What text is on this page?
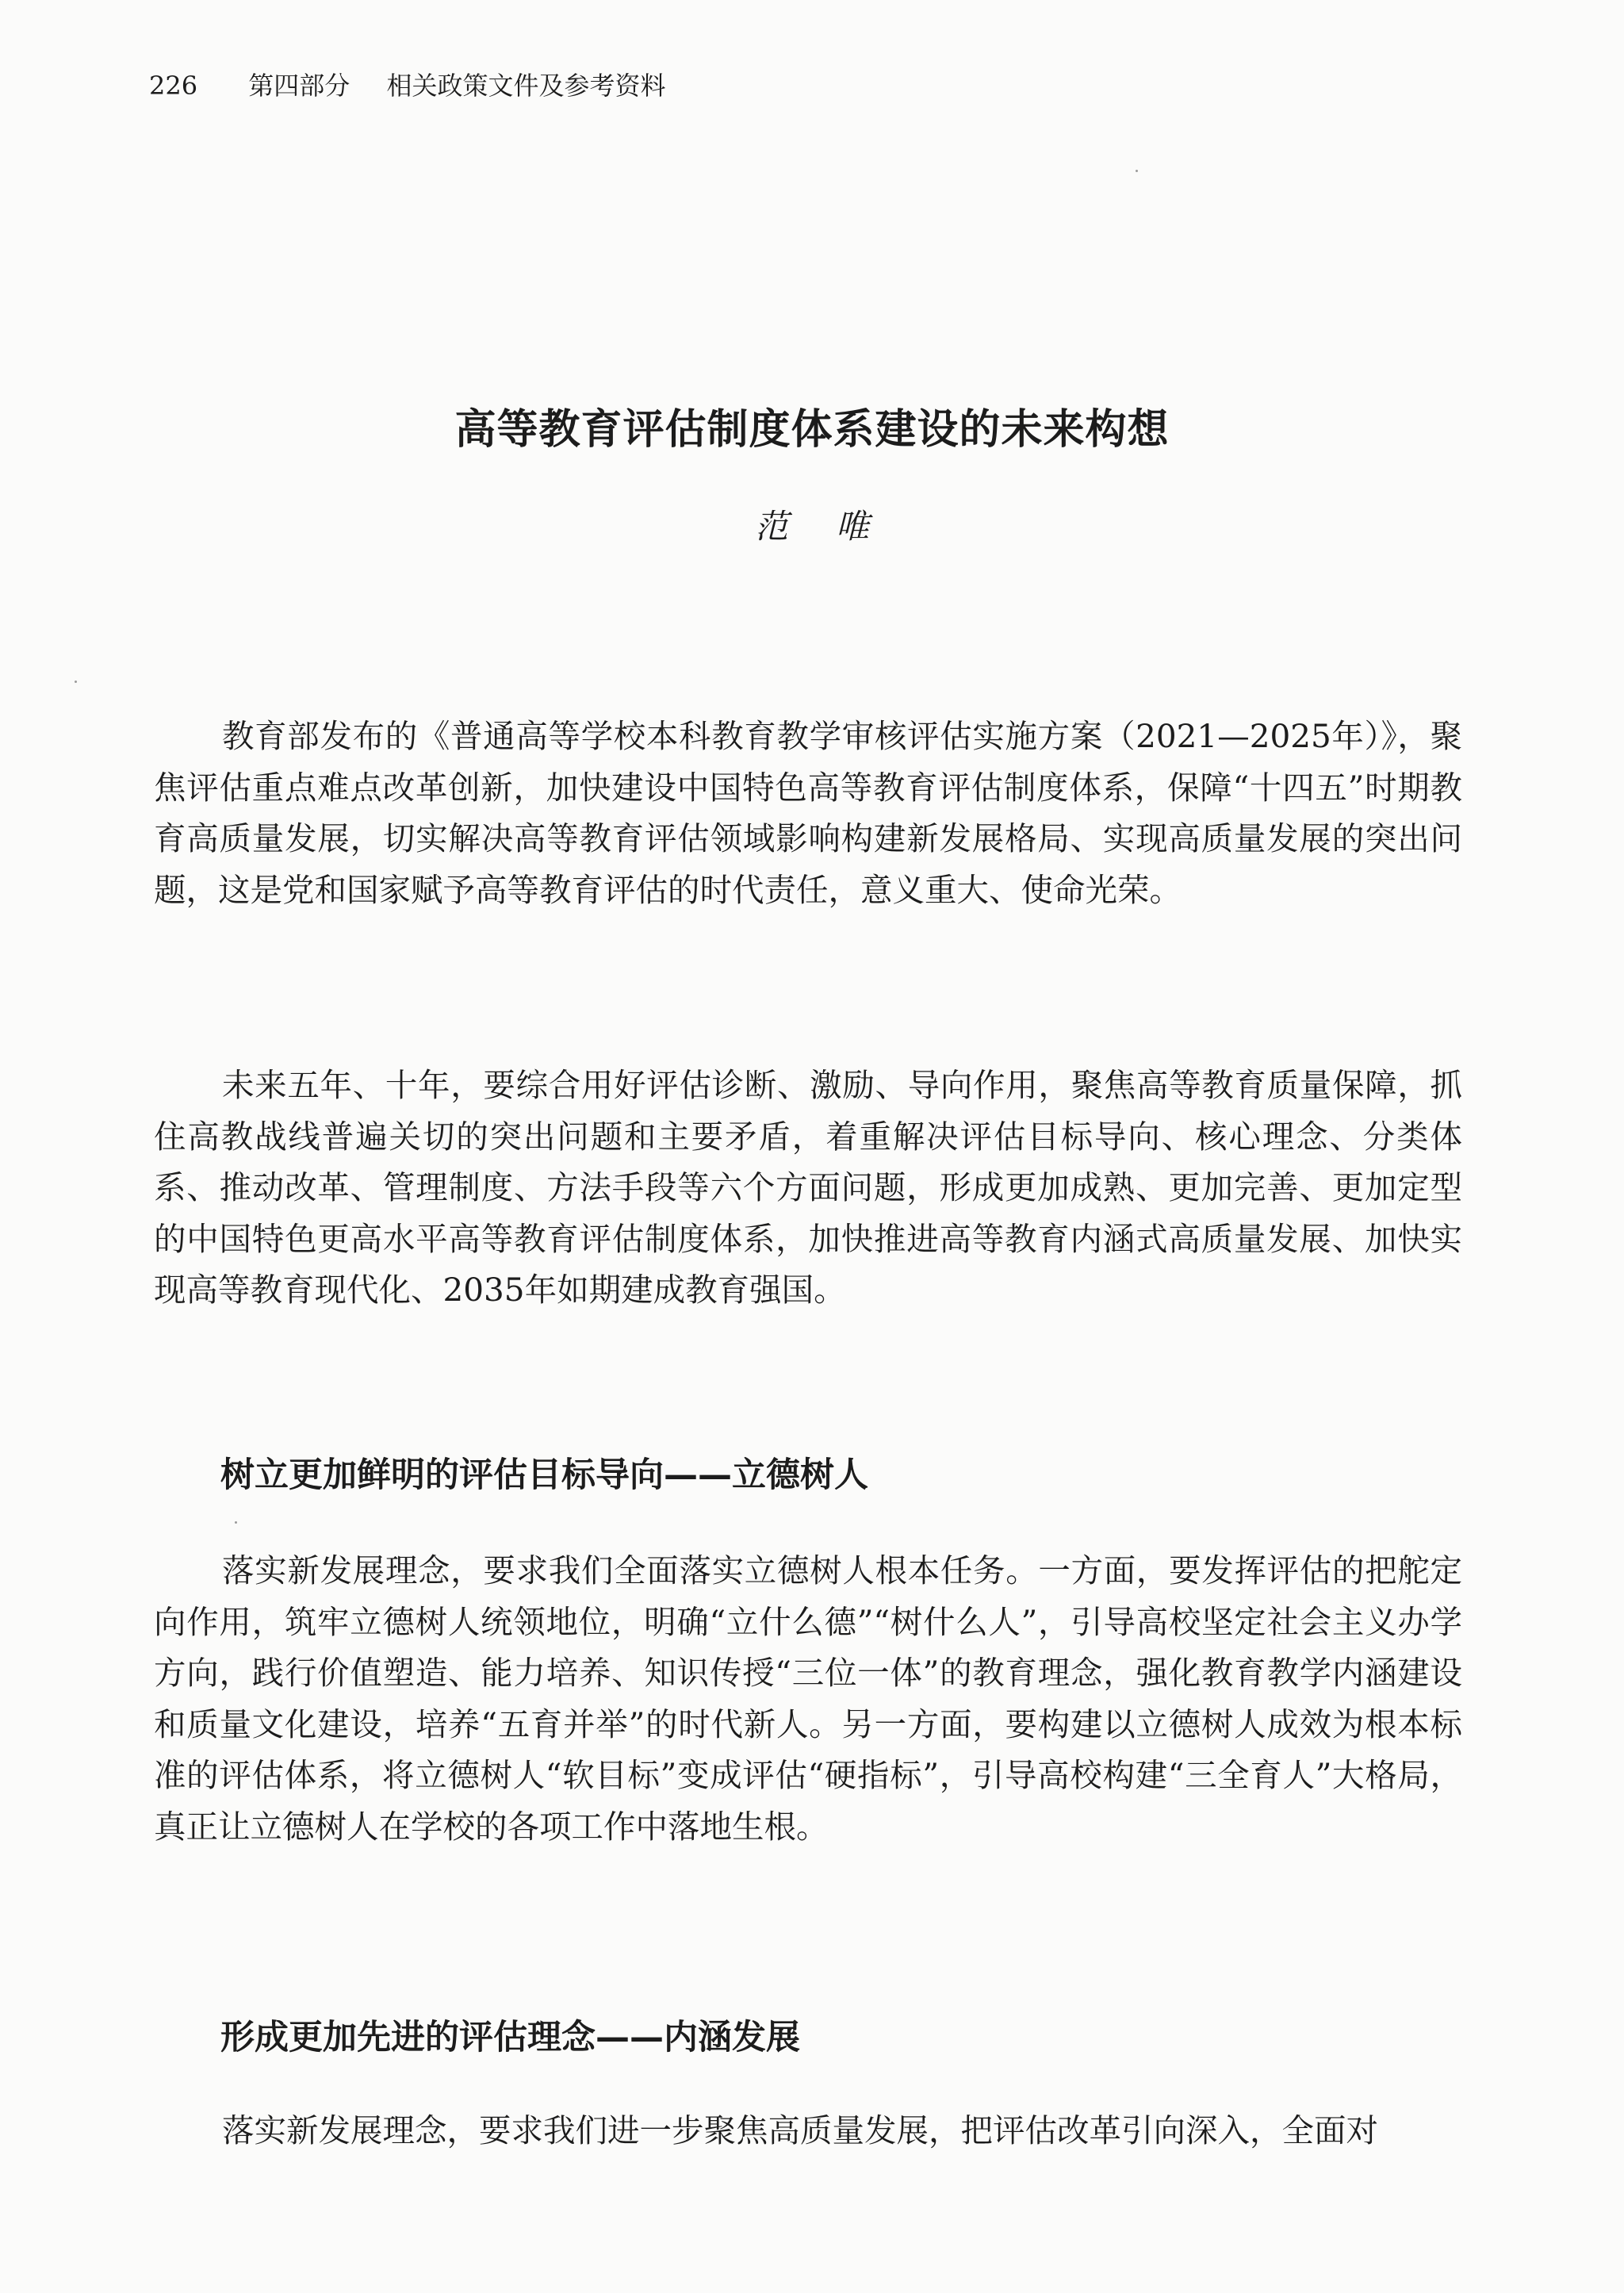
226 第四部分 相关政策文件及参考资料
高等教育评估制度体系建设的未来构想
范唯

教育部发布的《普通高等学校本科教育教学审核评估实施方案（2021—2025年）》，聚焦评估重点难点改革创新，加快建设中国特色高等教育评估制度体系，保障“十四五”时期教育高质量发展，切实解决高等教育评估领域影响构建新发展格局、实现高质量发展的突出问题，这是党和国家赋予高等教育评估的时代责任，意义重大、使命光荣。

未来五年、十年，要综合用好评估诊断、激励、导向作用，聚焦高等教育质量保障，抓住高教战线普遍关切的突出问题和主要矛盾，着重解决评估目标导向、核心理念、分类体系、推动改革、管理制度、方法手段等六个方面问题，形成更加成熟、更加完善、更加定型的中国特色更高水平高等教育评估制度体系，加快推进高等教育内涵式高质量发展、加快实现高等教育现代化、2035年如期建成教育强国。

树立更加鲜明的评估目标导向——立德树人

落实新发展理念，要求我们全面落实立德树人根本任务。一方面，要发挥评估的把舵定向作用，筑牢立德树人统领地位，明确“立什么德”“树什么人”，引导高校坚定社会主义办学方向，践行价值塑造、能力培养、知识传授“三位一体”的教育理念，强化教育教学内涵建设和质量文化建设，培养“五育并举”的时代新人。另一方面，要构建以立德树人成效为根本标准的评估体系，将立德树人“软目标”变成评估“硬指标”，引导高校构建“三全育人”大格局，真正让立德树人在学校的各项工作中落地生根。

形成更加先进的评估理念——内涵发展

落实新发展理念，要求我们进一步聚焦高质量发展，把评估改革引向深入，全面对
